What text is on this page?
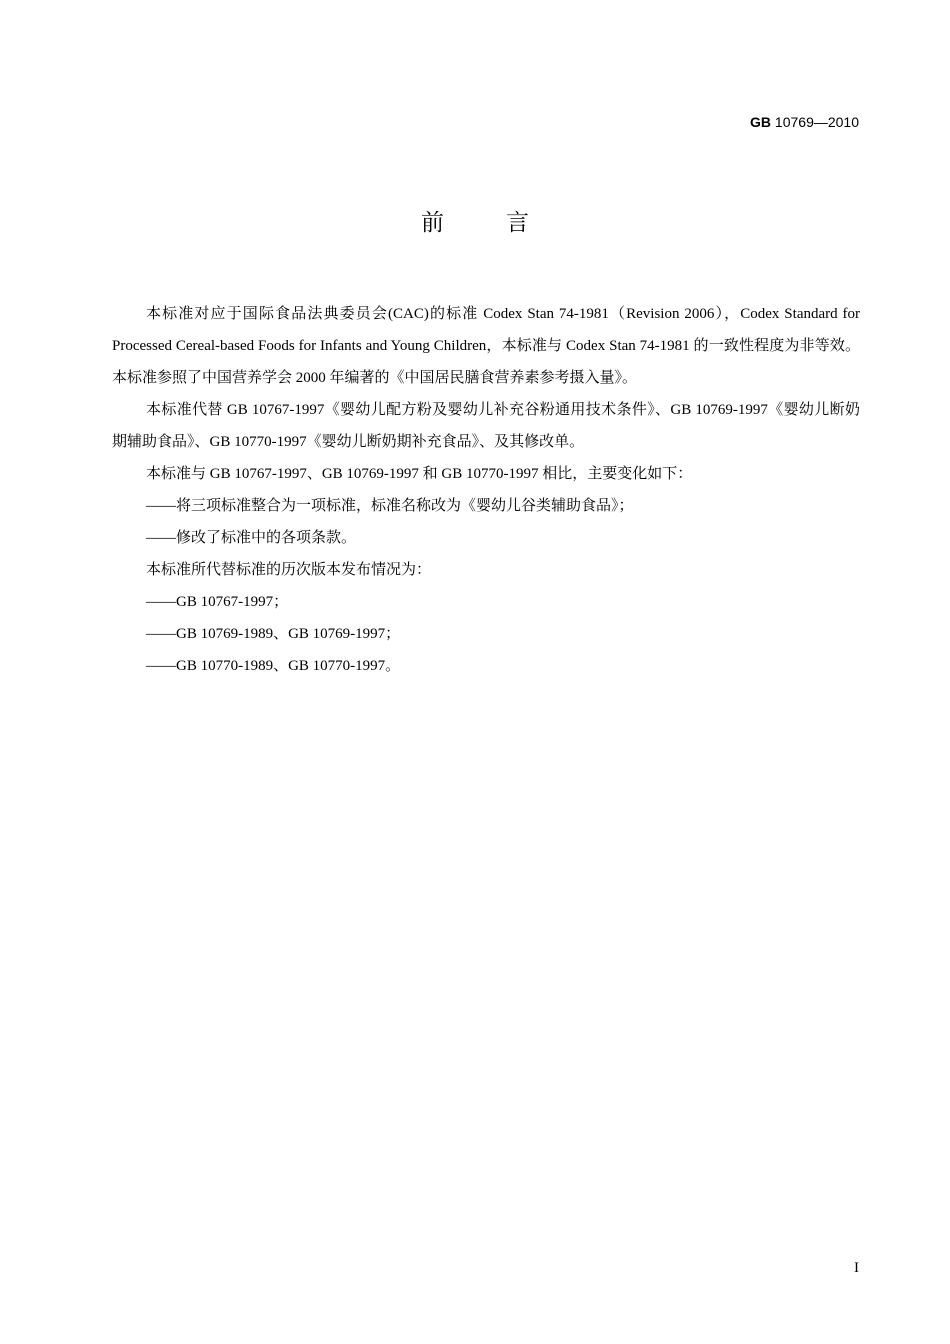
GB 10769—2010
前言

本标准对应于国际食品法典委员会(CAC)的标准 Codex Stan 74-1981（Revision 2006），Codex Standard for Processed Cereal-based Foods for Infants and Young Children，本标准与 Codex Stan 74-1981 的一致性程度为非等效。本标准参照了中国营养学会 2000 年编著的《中国居民膳食营养素参考摄入量》。

本标准代替 GB 10767-1997《婴幼儿配方粉及婴幼儿补充谷粉通用技术条件》、GB 10769-1997《婴幼儿断奶期辅助食品》、GB 10770-1997《婴幼儿断奶期补充食品》、及其修改单。

本标准与 GB 10767-1997、GB 10769-1997 和 GB 10770-1997 相比，主要变化如下：

——将三项标准整合为一项标准，标准名称改为《婴幼儿谷类辅助食品》；

——修改了标准中的各项条款。

本标准所代替标准的历次版本发布情况为：

——GB 10767-1997；

——GB 10769-1989、GB 10769-1997；

——GB 10770-1989、GB 10770-1997。

I
